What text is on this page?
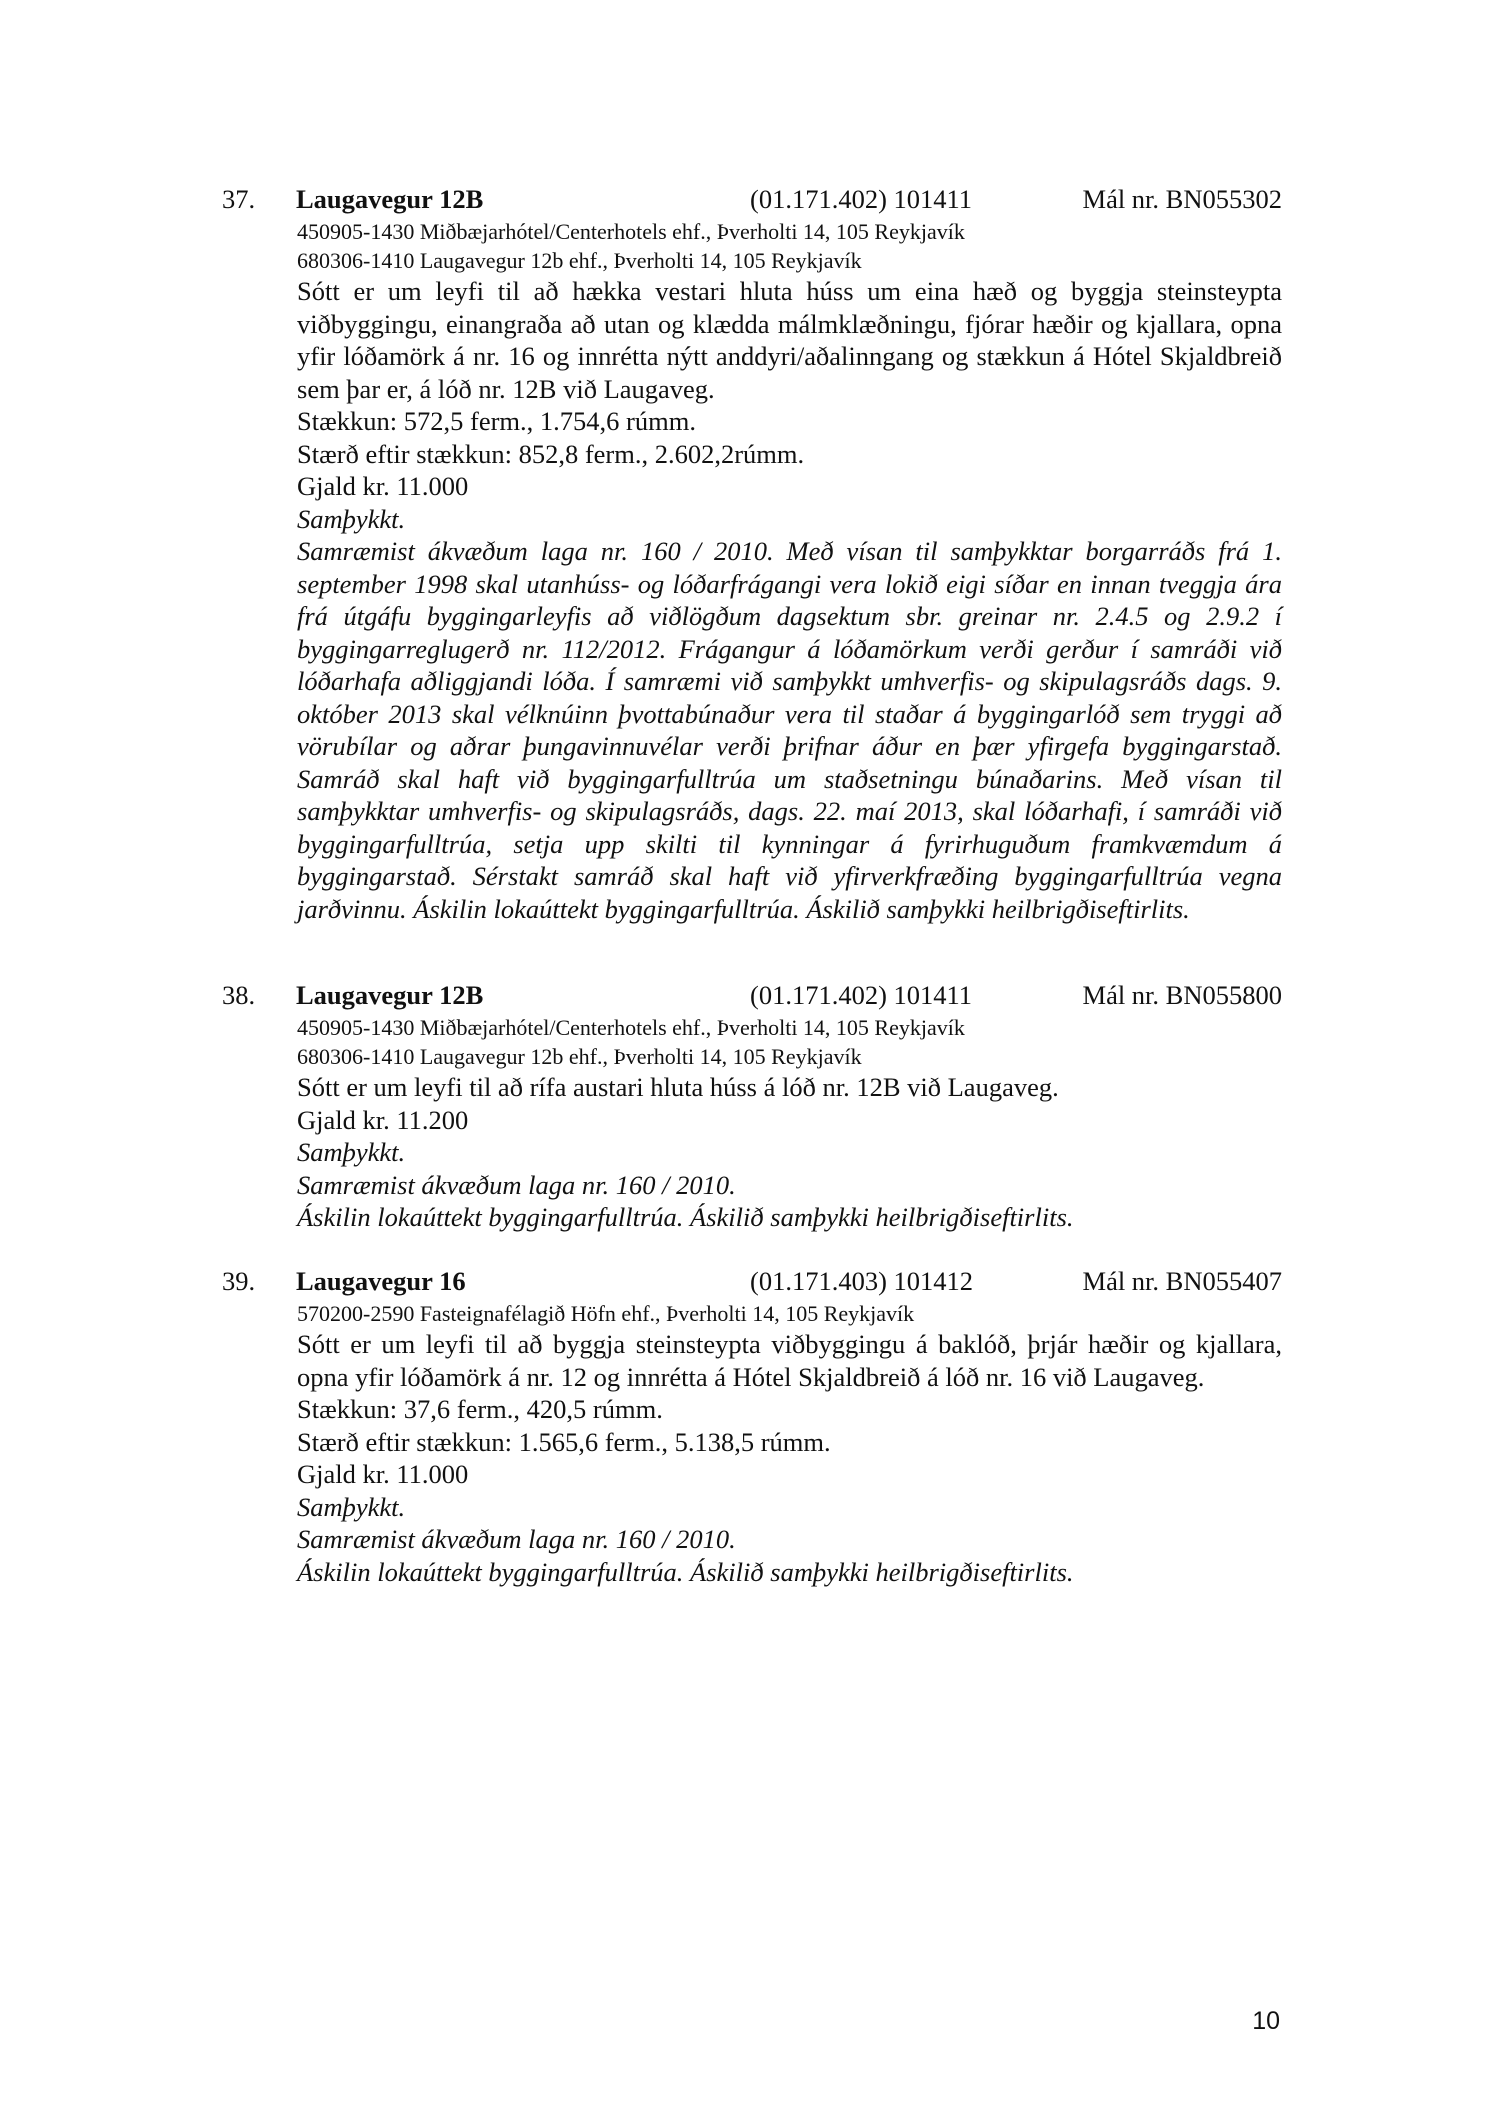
37. Laugavegur 12B	(01.171.402) 101411	Mál nr. BN055302
450905-1430 Miðbæjarhótel/Centerhotels ehf., Þverholti 14, 105 Reykjavík
680306-1410 Laugavegur 12b ehf., Þverholti 14, 105 Reykjavík
Sótt er um leyfi til að hækka vestari hluta húss um eina hæð og byggja steinsteypta viðbyggingu, einangraða að utan og klædda málmklæðningu, fjórar hæðir og kjallara, opna yfir lóðamörk á nr. 16 og innrétta nýtt anddyri/aðalinngang og stækkun á Hótel Skjaldbreið sem þar er, á lóð nr. 12B við Laugaveg.
Stækkun: 572,5 ferm., 1.754,6 rúmm.
Stærð eftir stækkun: 852,8 ferm., 2.602,2rúmm.
Gjald kr. 11.000
Samþykkt.
Samræmist ákvæðum laga nr. 160 / 2010. Með vísan til samþykktar borgarráðs frá 1. september 1998 skal utanhúss- og lóðarfrágangi vera lokið eigi síðar en innan tveggja ára frá útgáfu byggingarleyfis að viðlögðum dagsektum sbr. greinar nr. 2.4.5 og 2.9.2 í byggingarreglugerð nr. 112/2012. Frágangur á lóðamörkum verði gerður í samráði við lóðarhafa aðliggjandi lóða. Í samræmi við samþykkt umhverfis- og skipulagsráðs dags. 9. október 2013 skal vélknúinn þvottabúnaður vera til staðar á byggingarlóð sem tryggi að vörubílar og aðrar þungavinnuvélar verði þrifnar áður en þær yfirgefa byggingarstað. Samráð skal haft við byggingarfulltrúa um staðsetningu búnaðarins. Með vísan til samþykktar umhverfis- og skipulagsráðs, dags. 22. maí 2013, skal lóðarhafi, í samráði við byggingarfulltrúa, setja upp skilti til kynningar á fyrirhuguðum framkvæmdum á byggingarstað. Sérstakt samráð skal haft við yfirverkfræðing byggingarfulltrúa vegna jarðvinnu. Áskilin lokaúttekt byggingarfulltrúa. Áskilið samþykki heilbrigðiseftirlits.
38. Laugavegur 12B	(01.171.402) 101411	Mál nr. BN055800
450905-1430 Miðbæjarhótel/Centerhotels ehf., Þverholti 14, 105 Reykjavík
680306-1410 Laugavegur 12b ehf., Þverholti 14, 105 Reykjavík
Sótt er um leyfi til að rífa austari hluta húss á lóð nr. 12B við Laugaveg.
Gjald kr. 11.200
Samþykkt.
Samræmist ákvæðum laga nr. 160 / 2010.
Áskilin lokaúttekt byggingarfulltrúa. Áskilið samþykki heilbrigðiseftirlits.
39. Laugavegur 16	(01.171.403) 101412	Mál nr. BN055407
570200-2590 Fasteignafélagið Höfn ehf., Þverholti 14, 105 Reykjavík
Sótt er um leyfi til að byggja steinsteypta viðbyggingu á baklóð, þrjár hæðir og kjallara, opna yfir lóðamörk á nr. 12 og innrétta á Hótel Skjaldbreið á lóð nr. 16 við Laugaveg.
Stækkun: 37,6 ferm., 420,5 rúmm.
Stærð eftir stækkun: 1.565,6 ferm., 5.138,5 rúmm.
Gjald kr. 11.000
Samþykkt.
Samræmist ákvæðum laga nr. 160 / 2010.
Áskilin lokaúttekt byggingarfulltrúa. Áskilið samþykki heilbrigðiseftirlits.
10
